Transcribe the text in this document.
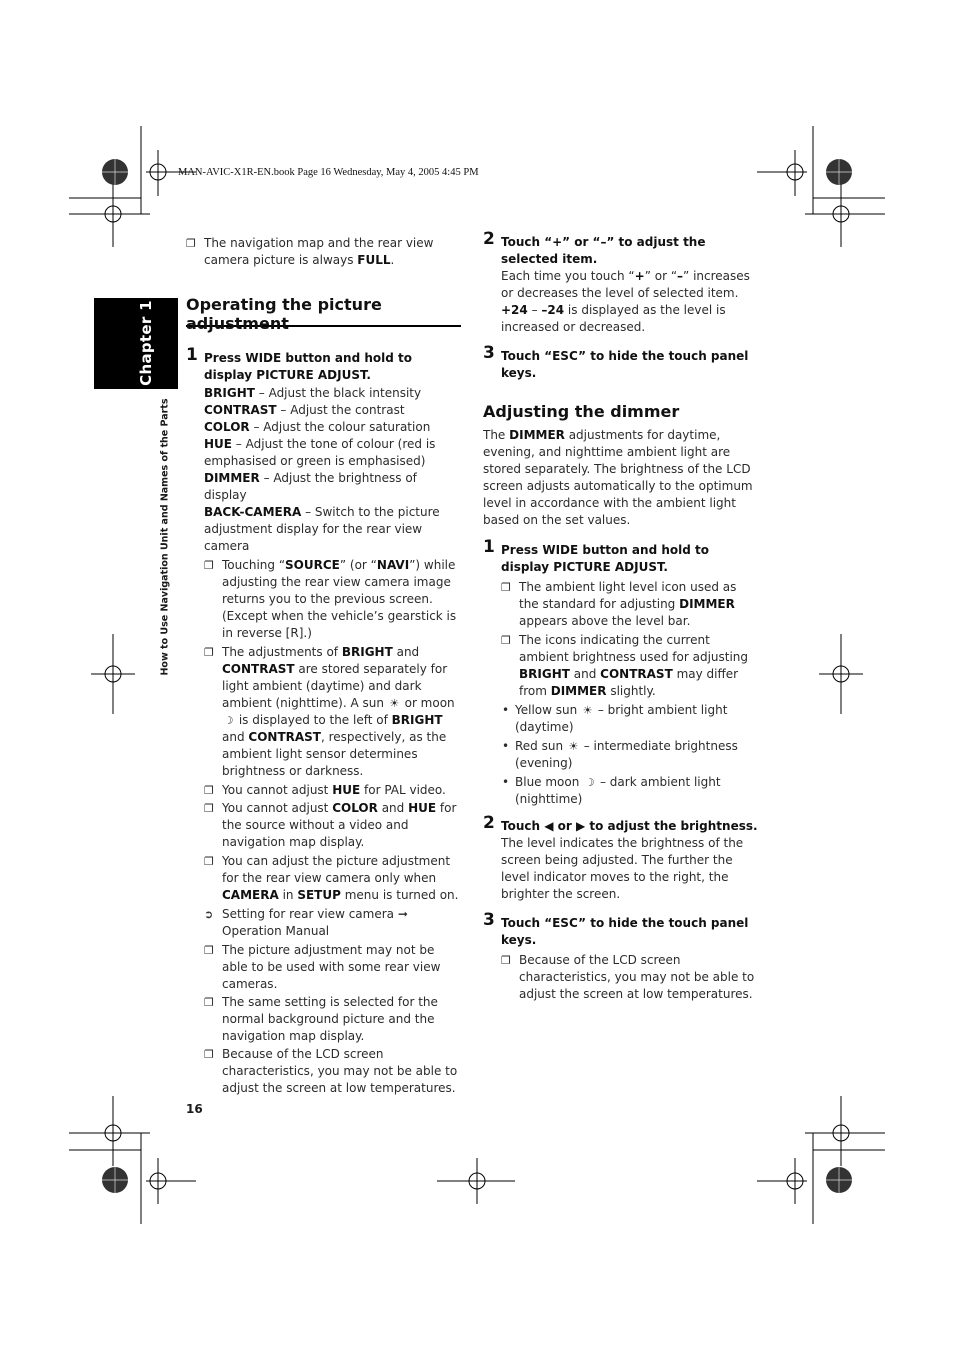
MAN-AVIC-X1R-EN.book Page 16 Wednesday, May 4, 2005 4:45 PM
Chapter 1
How to Use Navigation Unit and Names of the Parts
❐ The navigation map and the rear view camera picture is always FULL.
Operating the picture adjustment
1 Press WIDE button and hold to display PICTURE ADJUST.

BRIGHT – Adjust the black intensity

CONTRAST – Adjust the contrast

COLOR – Adjust the colour saturation

HUE – Adjust the tone of colour (red is emphasised or green is emphasised)

DIMMER – Adjust the brightness of display

BACK-CAMERA – Switch to the picture adjustment display for the rear view camera

❐ Touching “SOURCE” (or “NAVI”) while adjusting the rear view camera image returns you to the previous screen. (Except when the vehicle’s gearstick is in reverse [R].)
❐ The adjustments of BRIGHT and CONTRAST are stored separately for light ambient (daytime) and dark ambient (nighttime). A sun ☀ or moon ☽ is displayed to the left of BRIGHT and CONTRAST, respectively, as the ambient light sensor determines brightness or darkness.
❐ You cannot adjust HUE for PAL video.
❐ You cannot adjust COLOR and HUE for the source without a video and navigation map display.
❐ You can adjust the picture adjustment for the rear view camera only when CAMERA in SETUP menu is turned on.
➲ Setting for rear view camera ➞ Operation Manual
❐ The picture adjustment may not be able to be used with some rear view cameras.
❐ The same setting is selected for the normal background picture and the navigation map display.
❐ Because of the LCD screen characteristics, you may not be able to adjust the screen at low temperatures.
2 Touch “+” or “–” to adjust the selected item.

Each time you touch “+” or “–” increases or decreases the level of selected item.

+24 – –24 is displayed as the level is increased or decreased.

3 Touch “ESC” to hide the touch panel keys.
Adjusting the dimmer

The DIMMER adjustments for daytime, evening, and nighttime ambient light are stored separately. The brightness of the LCD screen adjusts automatically to the optimum level in accordance with the ambient light based on the set values.

1 Press WIDE button and hold to display PICTURE ADJUST.
❐ The ambient light level icon used as the standard for adjusting DIMMER appears above the level bar.
❐ The icons indicating the current ambient brightness used for adjusting BRIGHT and CONTRAST may differ from DIMMER slightly.
• Yellow sun ☀ – bright ambient light (daytime)
• Red sun ☀ – intermediate brightness (evening)
• Blue moon ☽ – dark ambient light (nighttime)
2 Touch ◀ or ▶ to adjust the brightness.

The level indicates the brightness of the screen being adjusted. The further the level indicator moves to the right, the brighter the screen.

3 Touch “ESC” to hide the touch panel keys.
❐ Because of the LCD screen characteristics, you may not be able to adjust the screen at low temperatures.
16
